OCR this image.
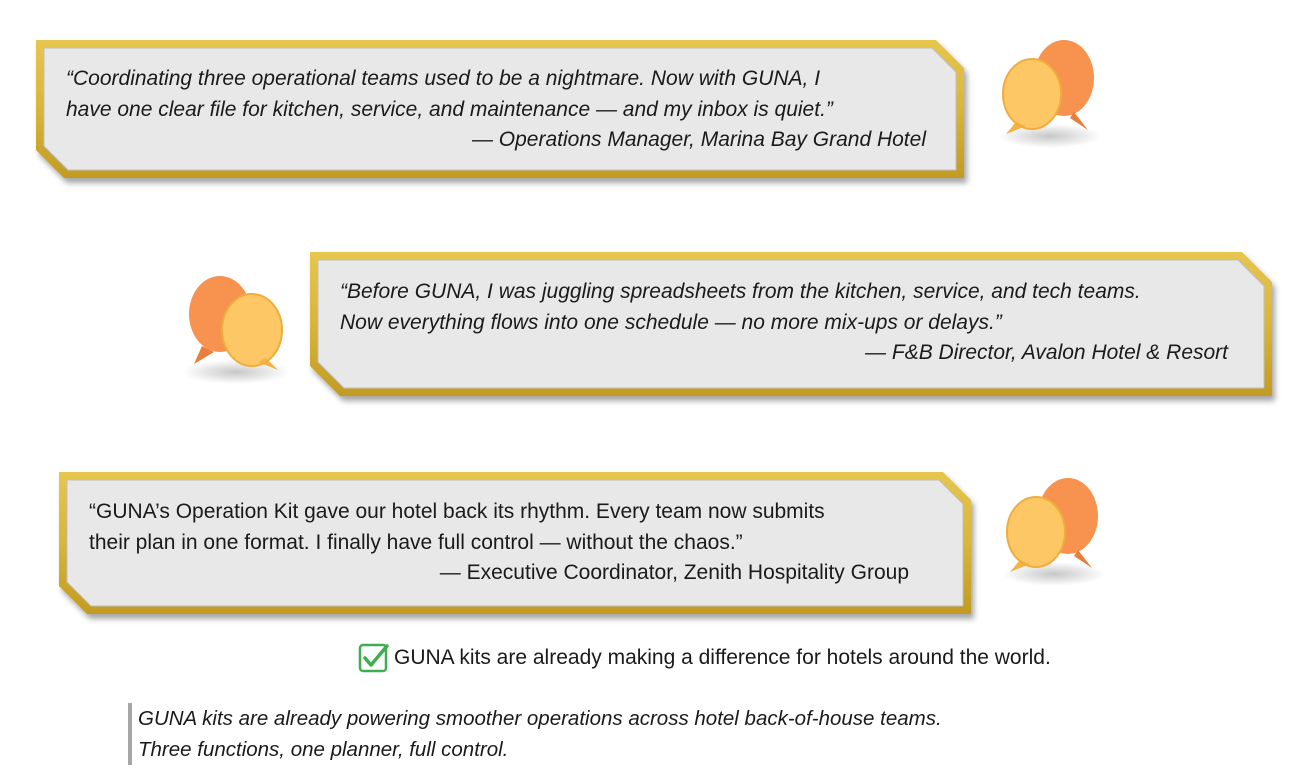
“Coordinating three operational teams used to be a nightmare. Now with GUNA, I
have one clear file for kitchen, service, and maintenance — and my inbox is quiet.”
— Operations Manager, Marina Bay Grand Hotel
“Before GUNA, I was juggling spreadsheets from the kitchen, service, and tech teams.
Now everything flows into one schedule — no more mix-ups or delays.”
— F&B Director, Avalon Hotel & Resort
“GUNA’s Operation Kit gave our hotel back its rhythm. Every team now submits
their plan in one format. I finally have full control — without the chaos.”
— Executive Coordinator, Zenith Hospitality Group
GUNA kits are already making a difference for hotels around the world.
GUNA kits are already powering smoother operations across hotel back-of-house teams.
Three functions, one planner, full control.
